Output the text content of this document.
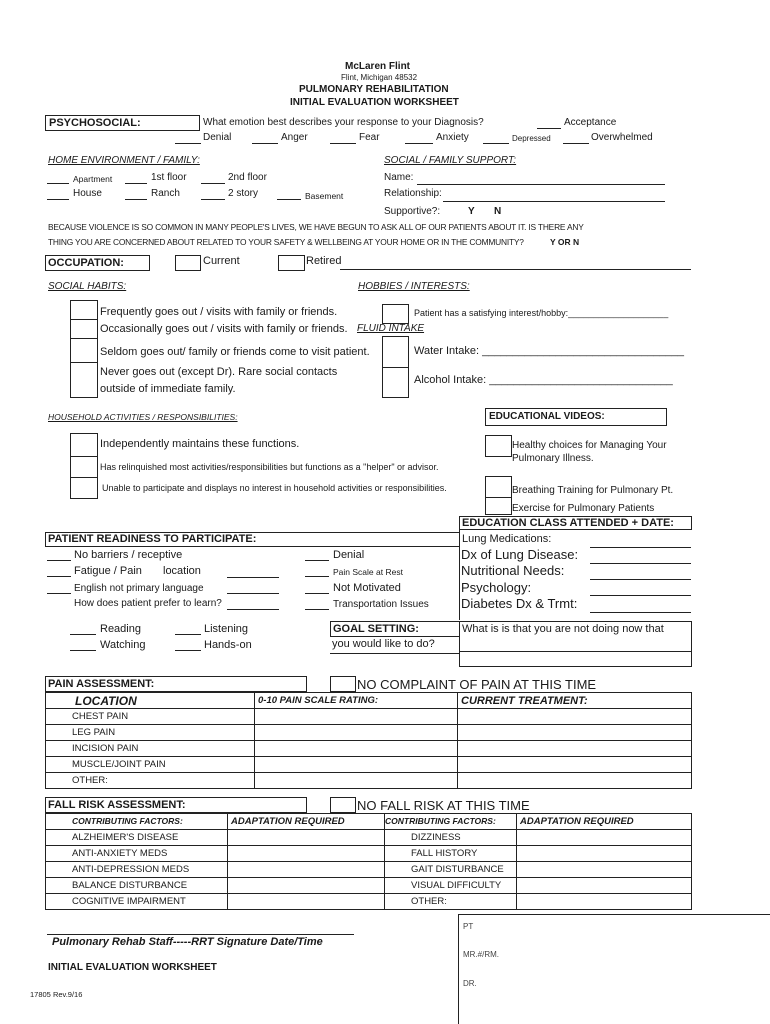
McLaren Flint
Flint, Michigan 48532
PULMONARY REHABILITATION
INITIAL EVALUATION WORKSHEET
PSYCHOSOCIAL:	What emotion best describes your response to your Diagnosis?	Acceptance
Denial	Anger	Fear	Anxiety	Depressed	Overwhelmed
HOME ENVIRONMENT / FAMILY:
Apartment	1st floor	2nd floor
House	Ranch	2 story	Basement
SOCIAL / FAMILY SUPPORT:
Name:
Relationship:
Supportive?:	Y N
BECAUSE VIOLENCE IS SO COMMON IN MANY PEOPLE'S LIVES, WE HAVE BEGUN TO ASK ALL OF OUR PATIENTS ABOUT IT. IS THERE ANY
THING YOU ARE CONCERNED ABOUT RELATED TO YOUR SAFETY & WELLBEING AT YOUR HOME OR IN THE COMMUNITY?	Y OR N
OCCUPATION:	Current	Retired
SOCIAL HABITS:
Frequently goes out / visits with family or friends.
Occasionally goes out / visits with family or friends.
Seldom goes out/ family or friends come to visit patient.
Never goes out (except Dr). Rare social contacts
outside of immediate family.
HOBBIES / INTERESTS:
Patient has a satisfying interest/hobby:____________________
FLUID INTAKE
Water Intake: _________________________________
Alcohol Intake: ______________________________
HOUSEHOLD ACTIVITIES / RESPONSIBILITIES:
Independently maintains these functions.
Has relinquished most activities/responsibilities but functions as a "helper" or advisor.
Unable to participate and displays no interest in household activities or responsibilities.
EDUCATIONAL VIDEOS:
Healthy choices for Managing Your
Pulmonary Illness.
Breathing Training for Pulmonary Pt.
Exercise for Pulmonary Patients
EDUCATION CLASS ATTENDED + DATE:
Lung Medications:
Dx of Lung Disease:
Nutritional Needs:
Psychology:
Diabetes Dx & Trmt:
PATIENT READINESS TO PARTICIPATE:
No barriers / receptive
Fatigue / Pain location
English not primary language
How does patient prefer to learn?
Denial
Pain Scale at Rest
Not Motivated
Transportation Issues
Reading	Listening
Watching	Hands-on
GOAL SETTING:	What is is that you are not doing now that
you would like to do?
PAIN ASSESSMENT:	NO COMPLAINT OF PAIN AT THIS TIME
LOCATION	0-10 PAIN SCALE RATING:	CURRENT TREATMENT:
CHEST PAIN		
LEG PAIN		
INCISION PAIN		
MUSCLE/JOINT PAIN		
OTHER:		
FALL RISK ASSESSMENT:	NO FALL RISK AT THIS TIME
CONTRIBUTING FACTORS:	ADAPTATION REQUIRED	CONTRIBUTING FACTORS:	ADAPTATION REQUIRED
ALZHEIMER'S DISEASE		DIZZINESS	
ANTI-ANXIETY MEDS		FALL HISTORY	
ANTI-DEPRESSION MEDS		GAIT DISTURBANCE	
BALANCE DISTURBANCE		VISUAL DIFFICULTY	
COGNITIVE IMPAIRMENT		OTHER:	
Pulmonary Rehab Staff-----RRT Signature Date/Time
INITIAL EVALUATION WORKSHEET
17805 Rev.9/16
PT
MR.#/RM.
DR.
